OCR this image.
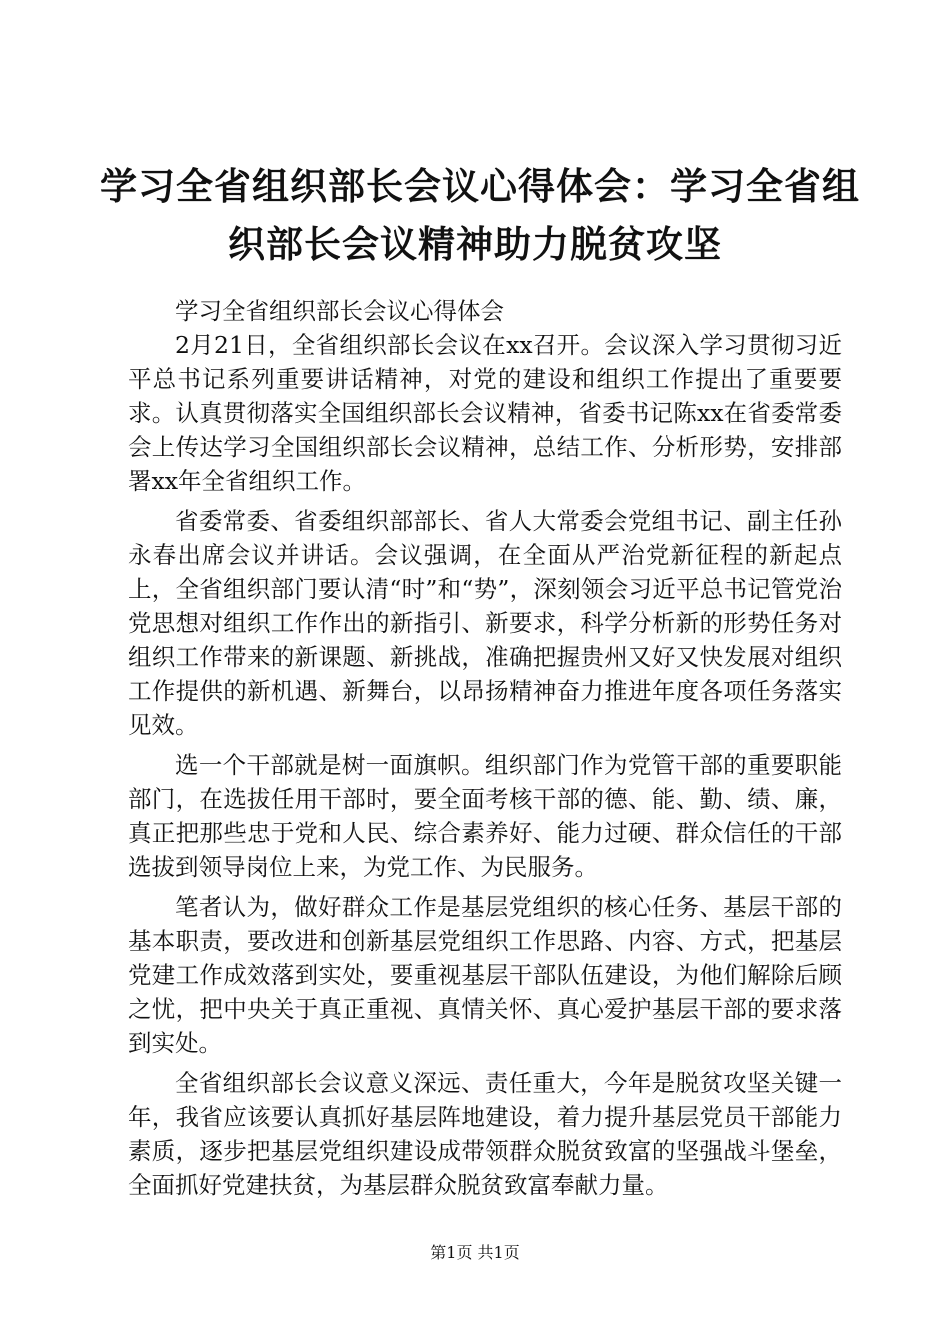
学习全省组织部长会议心得体会：学习全省组
织部长会议精神助力脱贫攻坚

学习全省组织部长会议心得体会

2月21日，全省组织部长会议在xx召开。会议深入学习贯彻习近平总书记系列重要讲话精神，对党的建设和组织工作提出了重要要求。认真贯彻落实全国组织部长会议精神，省委书记陈xx在省委常委会上传达学习全国组织部长会议精神，总结工作、分析形势，安排部署xx年全省组织工作。

省委常委、省委组织部部长、省人大常委会党组书记、副主任孙永春出席会议并讲话。会议强调，在全面从严治党新征程的新起点上，全省组织部门要认清“时”和“势”，深刻领会习近平总书记管党治党思想对组织工作作出的新指引、新要求，科学分析新的形势任务对组织工作带来的新课题、新挑战，准确把握贵州又好又快发展对组织工作提供的新机遇、新舞台，以昂扬精神奋力推进年度各项任务落实见效。

选一个干部就是树一面旗帜。组织部门作为党管干部的重要职能部门，在选拔任用干部时，要全面考核干部的德、能、勤、绩、廉，真正把那些忠于党和人民、综合素养好、能力过硬、群众信任的干部选拔到领导岗位上来，为党工作、为民服务。

笔者认为，做好群众工作是基层党组织的核心任务、基层干部的基本职责，要改进和创新基层党组织工作思路、内容、方式，把基层党建工作成效落到实处，要重视基层干部队伍建设，为他们解除后顾之忧，把中央关于真正重视、真情关怀、真心爱护基层干部的要求落到实处。

全省组织部长会议意义深远、责任重大，今年是脱贫攻坚关键一年，我省应该要认真抓好基层阵地建设，着力提升基层党员干部能力素质，逐步把基层党组织建设成带领群众脱贫致富的坚强战斗堡垒，全面抓好党建扶贫，为基层群众脱贫致富奉献力量。

第1页 共1页
